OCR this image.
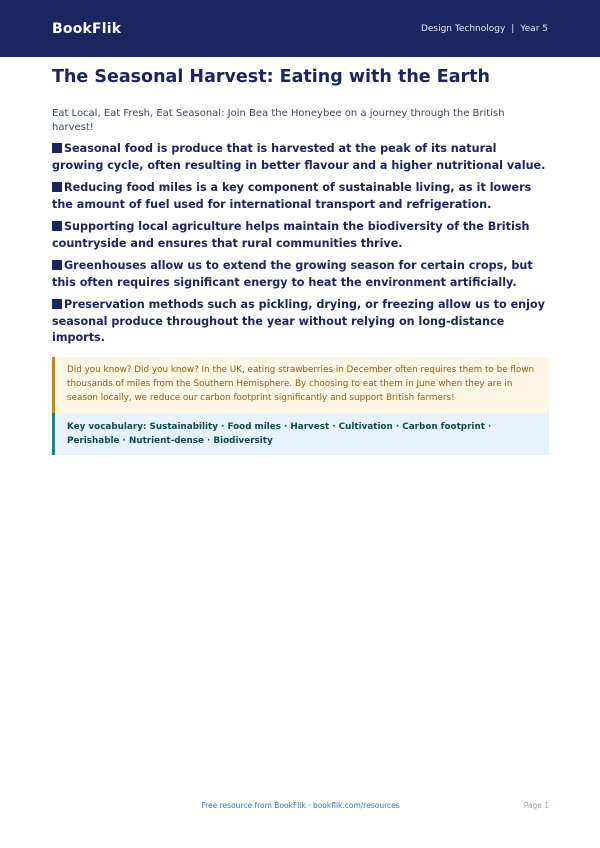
BookFlik	Design Technology | Year 5
The Seasonal Harvest: Eating with the Earth

Eat Local, Eat Fresh, Eat Seasonal: Join Bea the Honeybee on a journey through the British harvest!

Seasonal food is produce that is harvested at the peak of its natural growing cycle, often resulting in better flavour and a higher nutritional value.
Reducing food miles is a key component of sustainable living, as it lowers the amount of fuel used for international transport and refrigeration.
Supporting local agriculture helps maintain the biodiversity of the British countryside and ensures that rural communities thrive.
Greenhouses allow us to extend the growing season for certain crops, but this often requires significant energy to heat the environment artificially.
Preservation methods such as pickling, drying, or freezing allow us to enjoy seasonal produce throughout the year without relying on long-distance imports.
Did you know? Did you know? In the UK, eating strawberries in December often requires them to be flown thousands of miles from the Southern Hemisphere. By choosing to eat them in June when they are in season locally, we reduce our carbon footprint significantly and support British farmers!
Key vocabulary: Sustainability · Food miles · Harvest · Cultivation · Carbon footprint · Perishable · Nutrient-dense · Biodiversity
Free resource from BookFlik · bookflik.com/resources	Page 1
